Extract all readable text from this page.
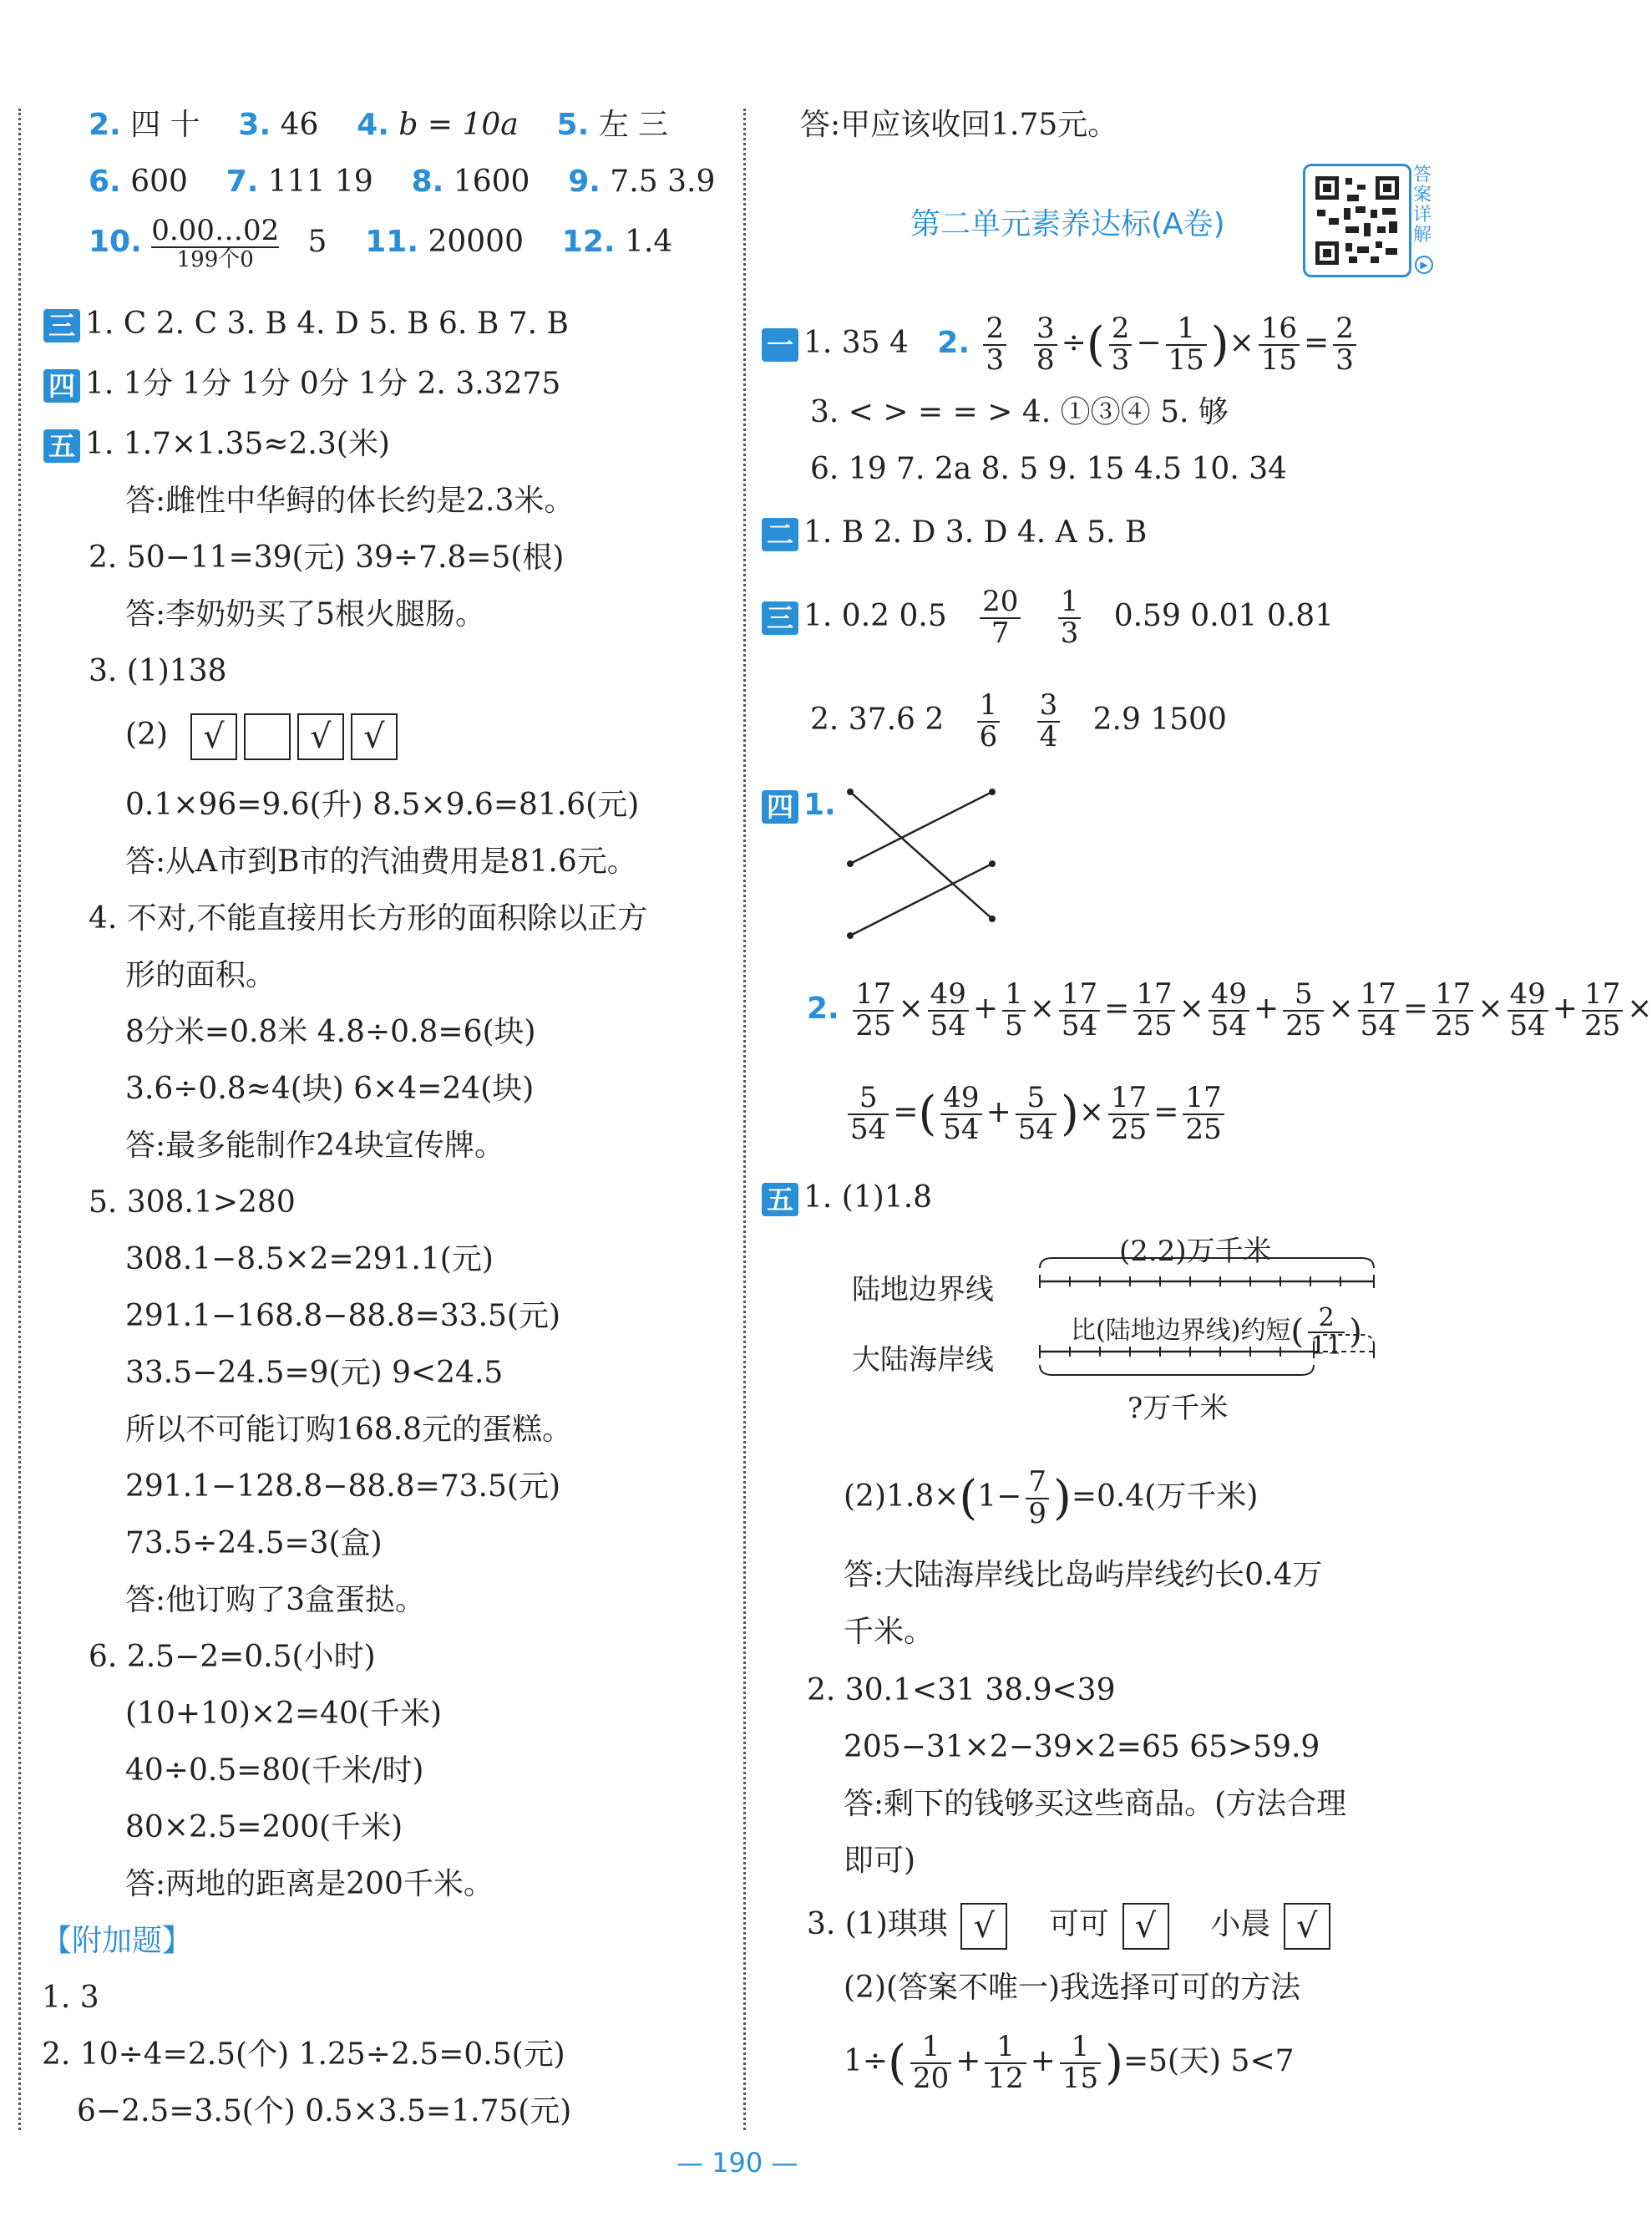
2. 四 十 3. 46 4. b = 10a 5. 左 三
6. 600 7. 111 19 8. 1600 9. 7.5 3.9
10. 0.00…02
199个0
5 11. 20000 12. 1.4
三 1. C 2. C 3. B 4. D 5. B 6. B 7. B
四 1. 1分 1分 1分 0分 1分 2. 3.3275
五 1. 1.7×1.35≈2.3(米)
答:雌性中华鲟的体长约是2.3米。
2. 50−11=39(元) 39÷7.8=5(根)
答:李奶奶买了5根火腿肠。
3. (1)138
(2) √	√ √
0.1×96=9.6(升) 8.5×9.6=81.6(元)
答:从A市到B市的汽油费用是81.6元。
4. 不对,不能直接用长方形的面积除以正方
形的面积。
8分米=0.8米 4.8÷0.8=6(块)
3.6÷0.8≈4(块) 6×4=24(块)
答:最多能制作24块宣传牌。
5. 308.1>280
308.1−8.5×2=291.1(元)
291.1−168.8−88.8=33.5(元)
33.5−24.5=9(元) 9<24.5
所以不可能订购168.8元的蛋糕。
291.1−128.8−88.8=73.5(元)
73.5÷24.5=3(盒)
答:他订购了3盒蛋挞。
6. 2.5−2=0.5(小时)
(10+10)×2=40(千米)
40÷0.5=80(千米/时)
80×2.5=200(千米)
答:两地的距离是200千米。
【附加题】
1. 3
2. 10÷4=2.5(个) 1.25÷2.5=0.5(元)
6−2.5=3.5(个) 0.5×3.5=1.75(元)
答:甲应该收回1.75元。
第二单元素养达标(A卷)
答案详解
▶
一 1. 35 4 2. $\frac{2}{3}$
$\frac{3}{8}$ ÷( $\frac{2}{3} - \frac{1}{15}$ )× $\frac{16}{15} = \frac{2}{3}$
3. < > = = > 4. ①③④ 5. 够
6. 19 7. 2a 8. 5 9. 15 4.5 10. 34
二 1. B 2. D 3. D 4. A 5. B
三 1. 0.2 $0.5 \frac{20}{7}$
$\frac{1}{3} 0.59$ 0.01 0.81
2. 37.6 $2 \frac{1}{6}$
$\frac{3}{4} 2.9$ 1500
四 1.
2. $\frac{17}{25} \times \frac{49}{54} + \frac{1}{5} \times \frac{17}{54} = \frac{17}{25} \times \frac{49}{54} + \frac{5}{25} \times \frac{17}{54} = \frac{17}{25} \times \frac{49}{54} + \frac{17}{25}$ ×
$\frac{5}{54}$ =( $\frac{49}{54} + \frac{5}{54}$ )× $\frac{17}{25} = \frac{17}{25}$
五 1. (1)1.8
(2.2)万千米
陆地边界线
大陆海岸线
比(陆地边界线)约短( $\frac{2}{11}$ )
?万千米
$(2)1.8\times(1- \frac{7}{9} )=0.4$(万千米)
答:大陆海岸线比岛屿岸线约长0.4万
千米。
2. 30.1<31 38.9<39
205−31×2−39×2=65 65>59.9
答:剩下的钱够买这些商品。(方法合理
即可)
3. (1)琪琪 √ 可可 √ 小晨 √
(2)(答案不唯一)我选择可可的方法
$1\div( \frac{1}{20} + \frac{1}{12} + \frac{1}{15} )=5$(天) 5<7
— 190 —
